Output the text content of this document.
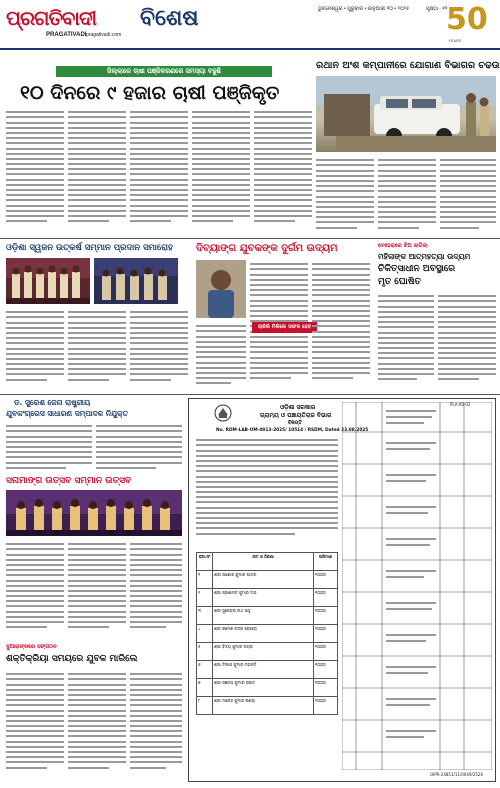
ପ୍ରଗତିବାଦୀ
PRAGATIVADI pragativadi.com
ବିଶେଷ	ଭୁବନେଶ୍ୱର • ଗୁରୁବାର • ଜାନୁଆରୀ ୧୦ • ୨୦୨୫	ପୃଷ୍ଠା - ୧୨
50
YEARS
ଜିଲ୍ଲାରେ ଚାଷୀ ପଞ୍ଜିକରଣରେ ସମସ୍ୟା ବଢୁଛି
୧୦ ଦିନରେ ୯ ହଜାର ଚାଷୀ ପଞ୍ଜିକୃତ
ରଥାନ ଅଂଶ କମ୍ପାନୀରେ ଯୋଗାଣ ବିଭାଗର ଚଢଉ
ଓଡ଼ିଶା ସ୍ୱଜନ ଉତ୍କର୍ଷ ସମ୍ମାନ ପ୍ରଦାନ ସମାରୋହ ଦିବ୍ୟାଙ୍ଗ ଯୁବକଙ୍କ ଦୁର୍ଗମ ଉଦ୍ୟମ
ଚାକିରି ମିଳିଲେ ସଫଳ ହେବ
ବେହେରାରେ ଝିଅ ଲାଗିଲା
ମହିଳାଙ୍କ ଆତ୍ମହତ୍ୟା ଉଦ୍ୟମ
ଚିକିତ୍ସାଧୀନ ଅବସ୍ଥାରେ
ମୃତ ଘୋଷିତ
ଡ. ସୁରେଶ ଜେନା ରାଷ୍ଟ୍ରୀୟ
ଯୁବକଂଗ୍ରେସ ସାଧାରଣ ସମ୍ପାଦକ ନିଯୁକ୍ତ
ସନାମାଙ୍ଗ ଉତ୍ସବ ସମ୍ମାନ ଉତ୍ସବ
ଦୁଆରାଙ୍କରେ ସଙ୍ଗଠନ
ଶକ୍ତିକ୍ରିୟା ସମୟରେ ଯୁବକ ମାରିଲେ
PLA-X0-03
ଓଡ଼ିଶା ସରକାର
ଗ୍ରାମ୍ୟ ଓ ପଞ୍ଚାୟତିରାଜ ବିଭାଗ
ବିଜ୍ଞପ୍ତି
No. RDM-LAB-OM-0013-2025/ 10514 / RSDM, Dated 23.08.2025
କ୍ର.ନଂ	ନାମ ଓ ଠିକଣା	ପରିମାଣ
୧	ଶ୍ରୀ ଅଶୋକ କୁମାର ପାତ୍ର	୧୦୦୦
୨	ଶ୍ରୀ ପ୍ରଶାନ୍ତ କୁମାର ଦାସ	୧୦୦୦
୩	ଶ୍ରୀ ସୁରେନ୍ଦ୍ର ନାଥ ସାହୁ	୧୦୦୦
୪	ଶ୍ରୀ ରମେଶ ଚନ୍ଦ୍ର ବେହେରା	୧୦୦୦
୫	ଶ୍ରୀ ବିଜୟ କୁମାର ନାୟକ	୧୦୦୦
୬	ଶ୍ରୀ ଦିଲୀପ କୁମାର ମହାନ୍ତି	୧୦୦୦
୭	ଶ୍ରୀ ସଞ୍ଜୟ କୁମାର ରାଉତ	୧୦୦୦
୮	ଶ୍ରୀ ମନୋଜ କୁମାର ପଣ୍ଡା	୧୦୦୦
OIPR-24851/11/0049/2526
